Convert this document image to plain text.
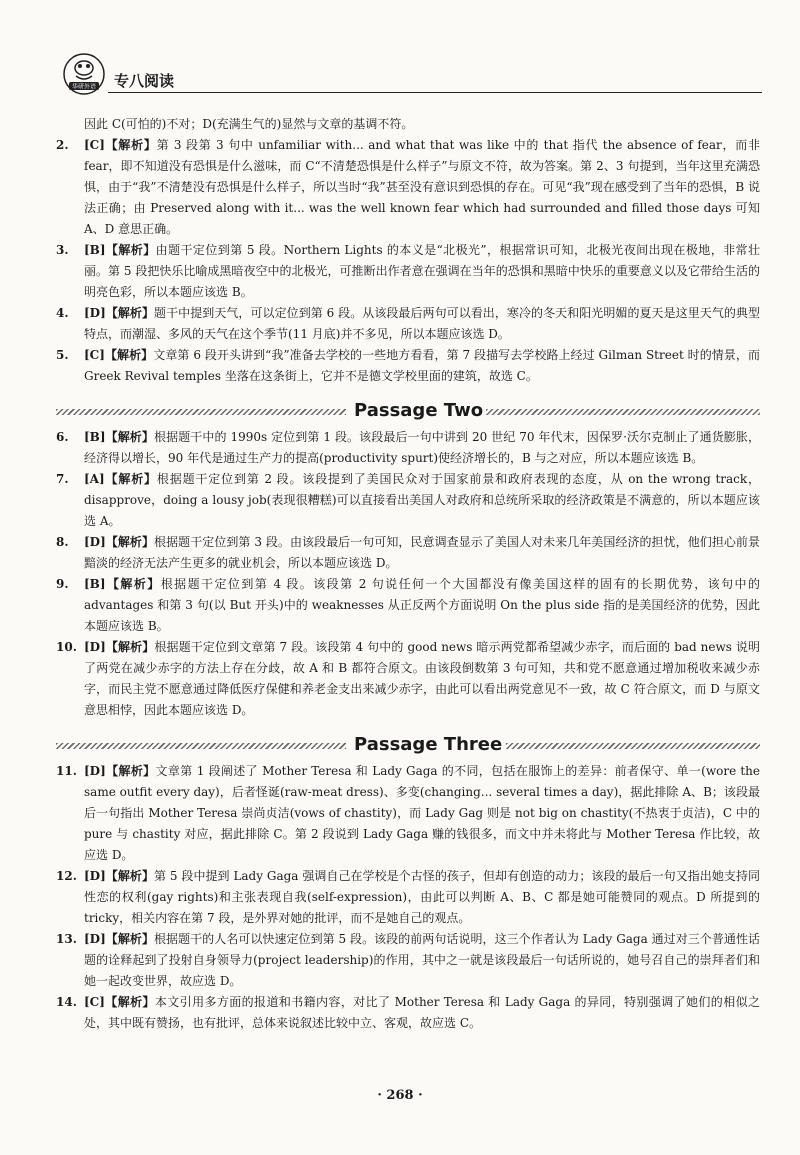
华研外语 专八阅读

因此 C(可怕的)不对；D(充满生气的)显然与文章的基调不符。

2.	[C]【解析】第 3 段第 3 句中 unfamiliar with... and what that was like 中的 that 指代 the absence of fear，而非 fear，即不知道没有恐惧是什么滋味，而 C“不清楚恐惧是什么样子”与原文不符，故为答案。第 2、3 句提到，当年这里充满恐惧，由于“我”不清楚没有恐惧是什么样子，所以当时“我”甚至没有意识到恐惧的存在。可见“我”现在感受到了当年的恐惧，B 说法正确；由 Preserved along with it... was the well known fear which had surrounded and filled those days 可知 A、D 意思正确。
3.	[B]【解析】由题干定位到第 5 段。Northern Lights 的本义是“北极光”，根据常识可知，北极光夜间出现在极地，非常壮丽。第 5 段把快乐比喻成黑暗夜空中的北极光，可推断出作者意在强调在当年的恐惧和黑暗中快乐的重要意义以及它带给生活的明亮色彩，所以本题应该选 B。
4.	[D]【解析】题干中提到天气，可以定位到第 6 段。从该段最后两句可以看出，寒冷的冬天和阳光明媚的夏天是这里天气的典型特点，而潮湿、多风的天气在这个季节(11 月底)并不多见，所以本题应该选 D。
5.	[C]【解析】文章第 6 段开头讲到“我”准备去学校的一些地方看看，第 7 段描写去学校路上经过 Gilman Street 时的情景，而 Greek Revival temples 坐落在这条街上，它并不是德文学校里面的建筑，故选 C。
Passage Two
6.	[B]【解析】根据题干中的 1990s 定位到第 1 段。该段最后一句中讲到 20 世纪 70 年代末，因保罗·沃尔克制止了通货膨胀，经济得以增长，90 年代是通过生产力的提高(productivity spurt)使经济增长的，B 与之对应，所以本题应该选 B。
7.	[A]【解析】根据题干定位到第 2 段。该段提到了美国民众对于国家前景和政府表现的态度，从 on the wrong track，disapprove，doing a lousy job(表现很糟糕)可以直接看出美国人对政府和总统所采取的经济政策是不满意的，所以本题应该选 A。
8.	[D]【解析】根据题干定位到第 3 段。由该段最后一句可知，民意调查显示了美国人对未来几年美国经济的担忧，他们担心前景黯淡的经济无法产生更多的就业机会，所以本题应该选 D。
9.	[B]【解析】根据题干定位到第 4 段。该段第 2 句说任何一个大国都没有像美国这样的固有的长期优势，该句中的 advantages 和第 3 句(以 But 开头)中的 weaknesses 从正反两个方面说明 On the plus side 指的是美国经济的优势，因此本题应该选 B。
10. [D]【解析】根据题干定位到文章第 7 段。该段第 4 句中的 good news 暗示两党都希望减少赤字，而后面的 bad news 说明了两党在减少赤字的方法上存在分歧，故 A 和 B 都符合原文。由该段倒数第 3 句可知，共和党不愿意通过增加税收来减少赤字，而民主党不愿意通过降低医疗保健和养老金支出来减少赤字，由此可以看出两党意见不一致，故 C 符合原文，而 D 与原文意思相悖，因此本题应该选 D。
Passage Three
11. [D]【解析】文章第 1 段阐述了 Mother Teresa 和 Lady Gaga 的不同，包括在服饰上的差异：前者保守、单一(wore the same outfit every day)，后者怪诞(raw-meat dress)、多变(changing... several times a day)，据此排除 A、B；该段最后一句指出 Mother Teresa 崇尚贞洁(vows of chastity)，而 Lady Gag 则是 not big on chastity(不热衷于贞洁)，C 中的 pure 与 chastity 对应，据此排除 C。第 2 段说到 Lady Gaga 赚的钱很多，而文中并未将此与 Mother Teresa 作比较，故应选 D。
12. [D]【解析】第 5 段中提到 Lady Gaga 强调自己在学校是个古怪的孩子，但却有创造的动力；该段的最后一句又指出她支持同性恋的权利(gay rights)和主张表现自我(self-expression)，由此可以判断 A、B、C 都是她可能赞同的观点。D 所提到的 tricky，相关内容在第 7 段，是外界对她的批评，而不是她自己的观点。
13. [D]【解析】根据题干的人名可以快速定位到第 5 段。该段的前两句话说明，这三个作者认为 Lady Gaga 通过对三个普通性话题的诠释起到了投射自身领导力(project leadership)的作用，其中之一就是该段最后一句话所说的，她号召自己的崇拜者们和她一起改变世界，故应选 D。
14. [C]【解析】本文引用多方面的报道和书籍内容，对比了 Mother Teresa 和 Lady Gaga 的异同，特别强调了她们的相似之处，其中既有赞扬，也有批评，总体来说叙述比较中立、客观，故应选 C。
· 268 ·
